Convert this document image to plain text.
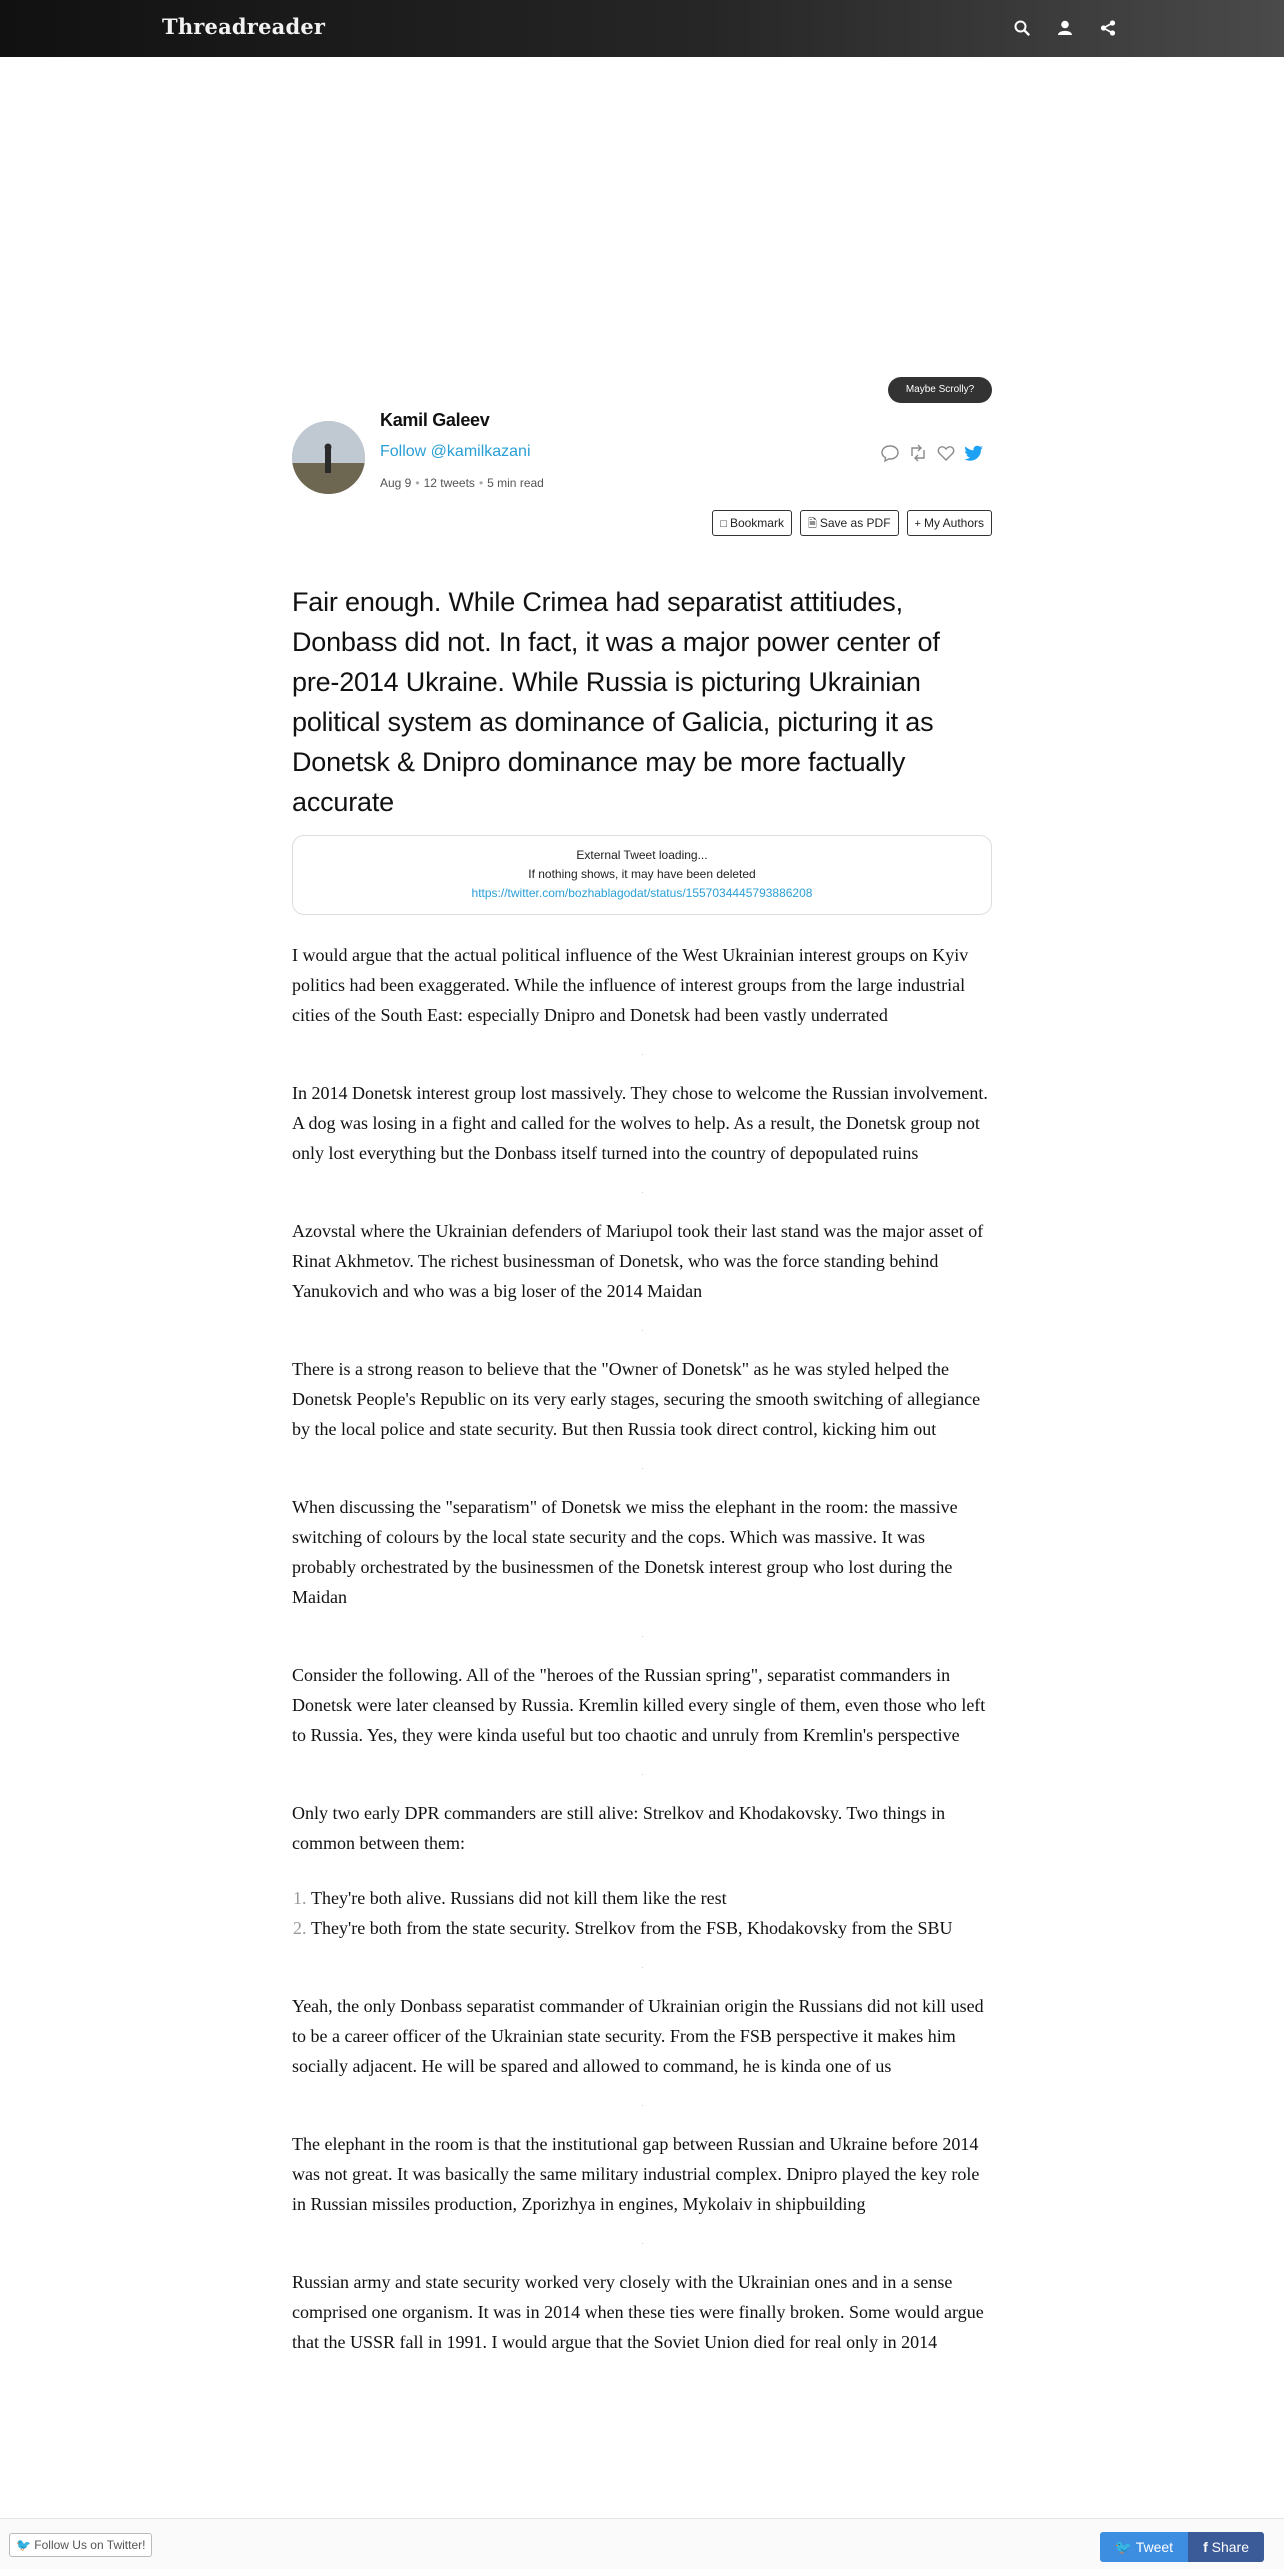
Threadreader
Maybe Scrolly?
Kamil Galeev
Follow @kamilkazani
Aug 9 • 12 tweets • 5 min read
□ Bookmark	🗎 Save as PDF	+ My Authors

Fair enough. While Crimea had separatist attitiudes, Donbass did not. In fact, it was a major power center of pre-2014 Ukraine. While Russia is picturing Ukrainian political system as dominance of Galicia, picturing it as Donetsk & Dnipro dominance may be more factually accurate

External Tweet loading...
If nothing shows, it may have been deleted
https://twitter.com/bozhablagodat/status/1557034445793886208

I would argue that the actual political influence of the West Ukrainian interest groups on Kyiv politics had been exaggerated. While the influence of interest groups from the large industrial cities of the South East: especially Dnipro and Donetsk had been vastly underrated

In 2014 Donetsk interest group lost massively. They chose to welcome the Russian involvement. A dog was losing in a fight and called for the wolves to help. As a result, the Donetsk group not only lost everything but the Donbass itself turned into the country of depopulated ruins

Azovstal where the Ukrainian defenders of Mariupol took their last stand was the major asset of Rinat Akhmetov. The richest businessman of Donetsk, who was the force standing behind Yanukovich and who was a big loser of the 2014 Maidan

There is a strong reason to believe that the "Owner of Donetsk" as he was styled helped the Donetsk People's Republic on its very early stages, securing the smooth switching of allegiance by the local police and state security. But then Russia took direct control, kicking him out

When discussing the "separatism" of Donetsk we miss the elephant in the room: the massive switching of colours by the local state security and the cops. Which was massive. It was probably orchestrated by the businessmen of the Donetsk interest group who lost during the Maidan

Consider the following. All of the "heroes of the Russian spring", separatist commanders in Donetsk were later cleansed by Russia. Kremlin killed every single of them, even those who left to Russia. Yes, they were kinda useful but too chaotic and unruly from Kremlin's perspective

Only two early DPR commanders are still alive: Strelkov and Khodakovsky. Two things in common between them:

1. They're both alive. Russians did not kill them like the rest
2. They're both from the state security. Strelkov from the FSB, Khodakovsky from the SBU

Yeah, the only Donbass separatist commander of Ukrainian origin the Russians did not kill used to be a career officer of the Ukrainian state security. From the FSB perspective it makes him socially adjacent. He will be spared and allowed to command, he is kinda one of us

The elephant in the room is that the institutional gap between Russian and Ukraine before 2014 was not great. It was basically the same military industrial complex. Dnipro played the key role in Russian missiles production, Zporizhya in engines, Mykolaiv in shipbuilding

Russian army and state security worked very closely with the Ukrainian ones and in a sense comprised one organism. It was in 2014 when these ties were finally broken. Some would argue that the USSR fall in 1991. I would argue that the Soviet Union died for real only in 2014

🐦 Follow Us on Twitter!	🐦 Tweet	f Share
